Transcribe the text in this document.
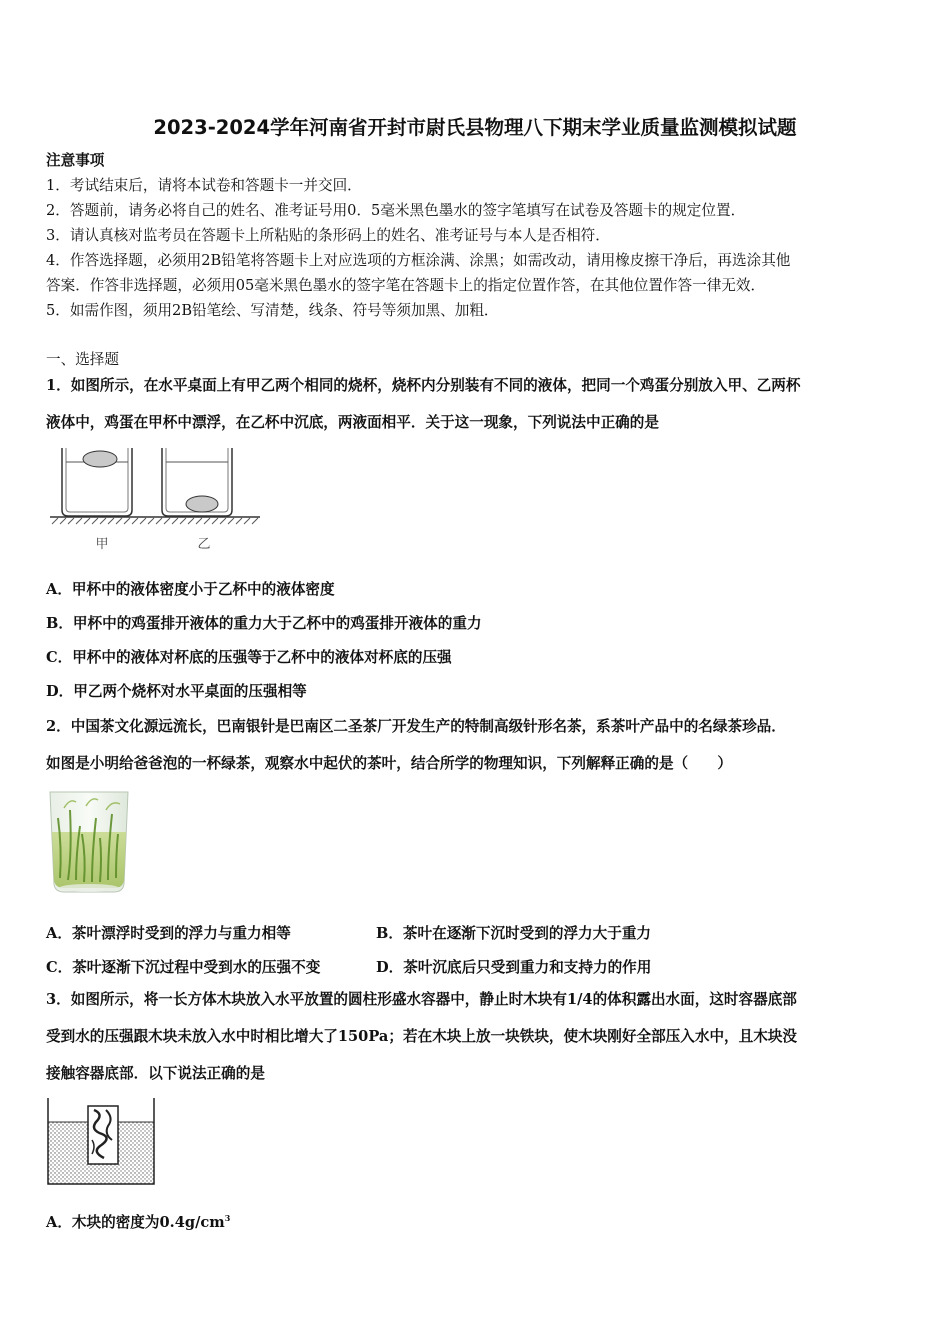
2023-2024学年河南省开封市尉氏县物理八下期末学业质量监测模拟试题
注意事项
1．考试结束后，请将本试卷和答题卡一并交回．
2．答题前，请务必将自己的姓名、准考证号用0．5毫米黑色墨水的签字笔填写在试卷及答题卡的规定位置．
3．请认真核对监考员在答题卡上所粘贴的条形码上的姓名、准考证号与本人是否相符．
4．作答选择题，必须用2B铅笔将答题卡上对应选项的方框涂满、涂黑；如需改动，请用橡皮擦干净后，再选涂其他
答案．作答非选择题，必须用05毫米黑色墨水的签字笔在答题卡上的指定位置作答，在其他位置作答一律无效．
5．如需作图，须用2B铅笔绘、写清楚，线条、符号等须加黑、加粗．
一、选择题
1．如图所示，在水平桌面上有甲乙两个相同的烧杯，烧杯内分别装有不同的液体，把同一个鸡蛋分别放入甲、乙两杯
液体中，鸡蛋在甲杯中漂浮，在乙杯中沉底，两液面相平．关于这一现象，下列说法中正确的是
甲	乙
A．甲杯中的液体密度小于乙杯中的液体密度
B．甲杯中的鸡蛋排开液体的重力大于乙杯中的鸡蛋排开液体的重力
C．甲杯中的液体对杯底的压强等于乙杯中的液体对杯底的压强
D．甲乙两个烧杯对水平桌面的压强相等
2．中国茶文化源远流长，巴南银针是巴南区二圣茶厂开发生产的特制高级针形名茶，系茶叶产品中的名绿茶珍品．
如图是小明给爸爸泡的一杯绿茶，观察水中起伏的茶叶，结合所学的物理知识，下列解释正确的是（　　）
A．茶叶漂浮时受到的浮力与重力相等	B．茶叶在逐渐下沉时受到的浮力大于重力
C．茶叶逐渐下沉过程中受到水的压强不变	D．茶叶沉底后只受到重力和支持力的作用
3．如图所示，将一长方体木块放入水平放置的圆柱形盛水容器中，静止时木块有1/4的体积露出水面，这时容器底部
受到水的压强跟木块未放入水中时相比增大了150Pa；若在木块上放一块铁块，使木块刚好全部压入水中，且木块没
接触容器底部．以下说法正确的是
A．木块的密度为$0.4g/cm^3$
